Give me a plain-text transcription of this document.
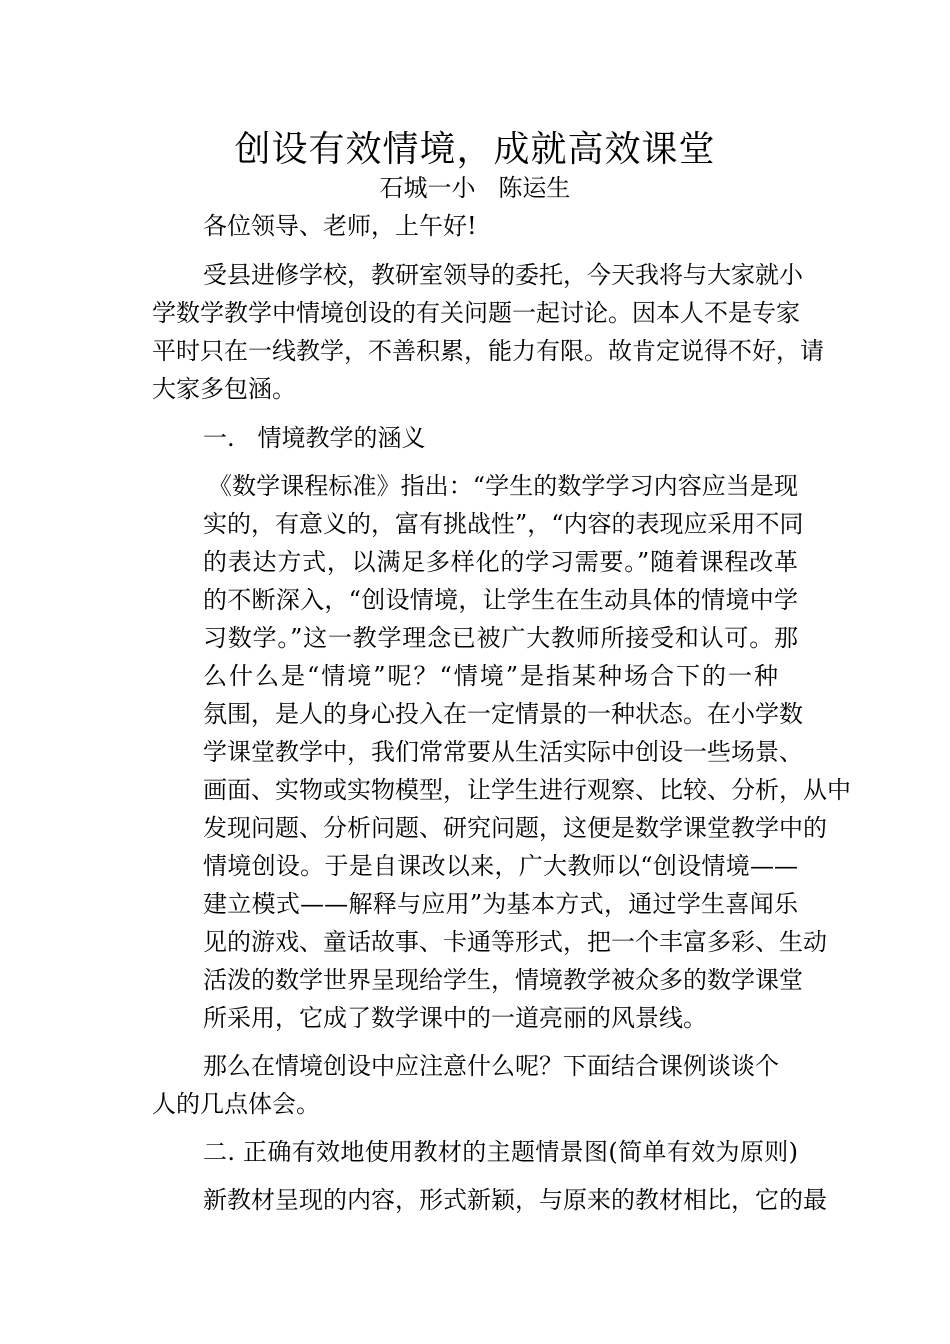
创设有效情境，成就高效课堂
石城一小   陈运生
各位领导、老师，上午好!
受县进修学校，教研室领导的委托，今天我将与大家就小
学数学教学中情境创设的有关问题一起讨论。因本人不是专家
平时只在一线教学，不善积累，能力有限。故肯定说得不好，请
大家多包涵。
一.   情境教学的涵义
《数学课程标准》指出：“学生的数学学习内容应当是现
实的，有意义的，富有挑战性”，“内容的表现应采用不同
的表达方式，以满足多样化的学习需要。”随着课程改革
的不断深入，“创设情境，让学生在生动具体的情境中学
习数学。”这一教学理念已被广大教师所接受和认可。那
么什么是“情境”呢？“情境”是指某种场合下的一种
氛围，是人的身心投入在一定情景的一种状态。在小学数
学课堂教学中，我们常常要从生活实际中创设一些场景、
画面、实物或实物模型，让学生进行观察、比较、分析，从中
发现问题、分析问题、研究问题，这便是数学课堂教学中的
情境创设。于是自课改以来，广大教师以“创设情境——
建立模式——解释与应用”为基本方式，通过学生喜闻乐
见的游戏、童话故事、卡通等形式，把一个丰富多彩、生动
活泼的数学世界呈现给学生，情境教学被众多的数学课堂
所采用，它成了数学课中的一道亮丽的风景线。
那么在情境创设中应注意什么呢？下面结合课例谈谈个
人的几点体会。
二. 正确有效地使用教材的主题情景图(简单有效为原则)
新教材呈现的内容，形式新颖，与原来的教材相比，它的最
